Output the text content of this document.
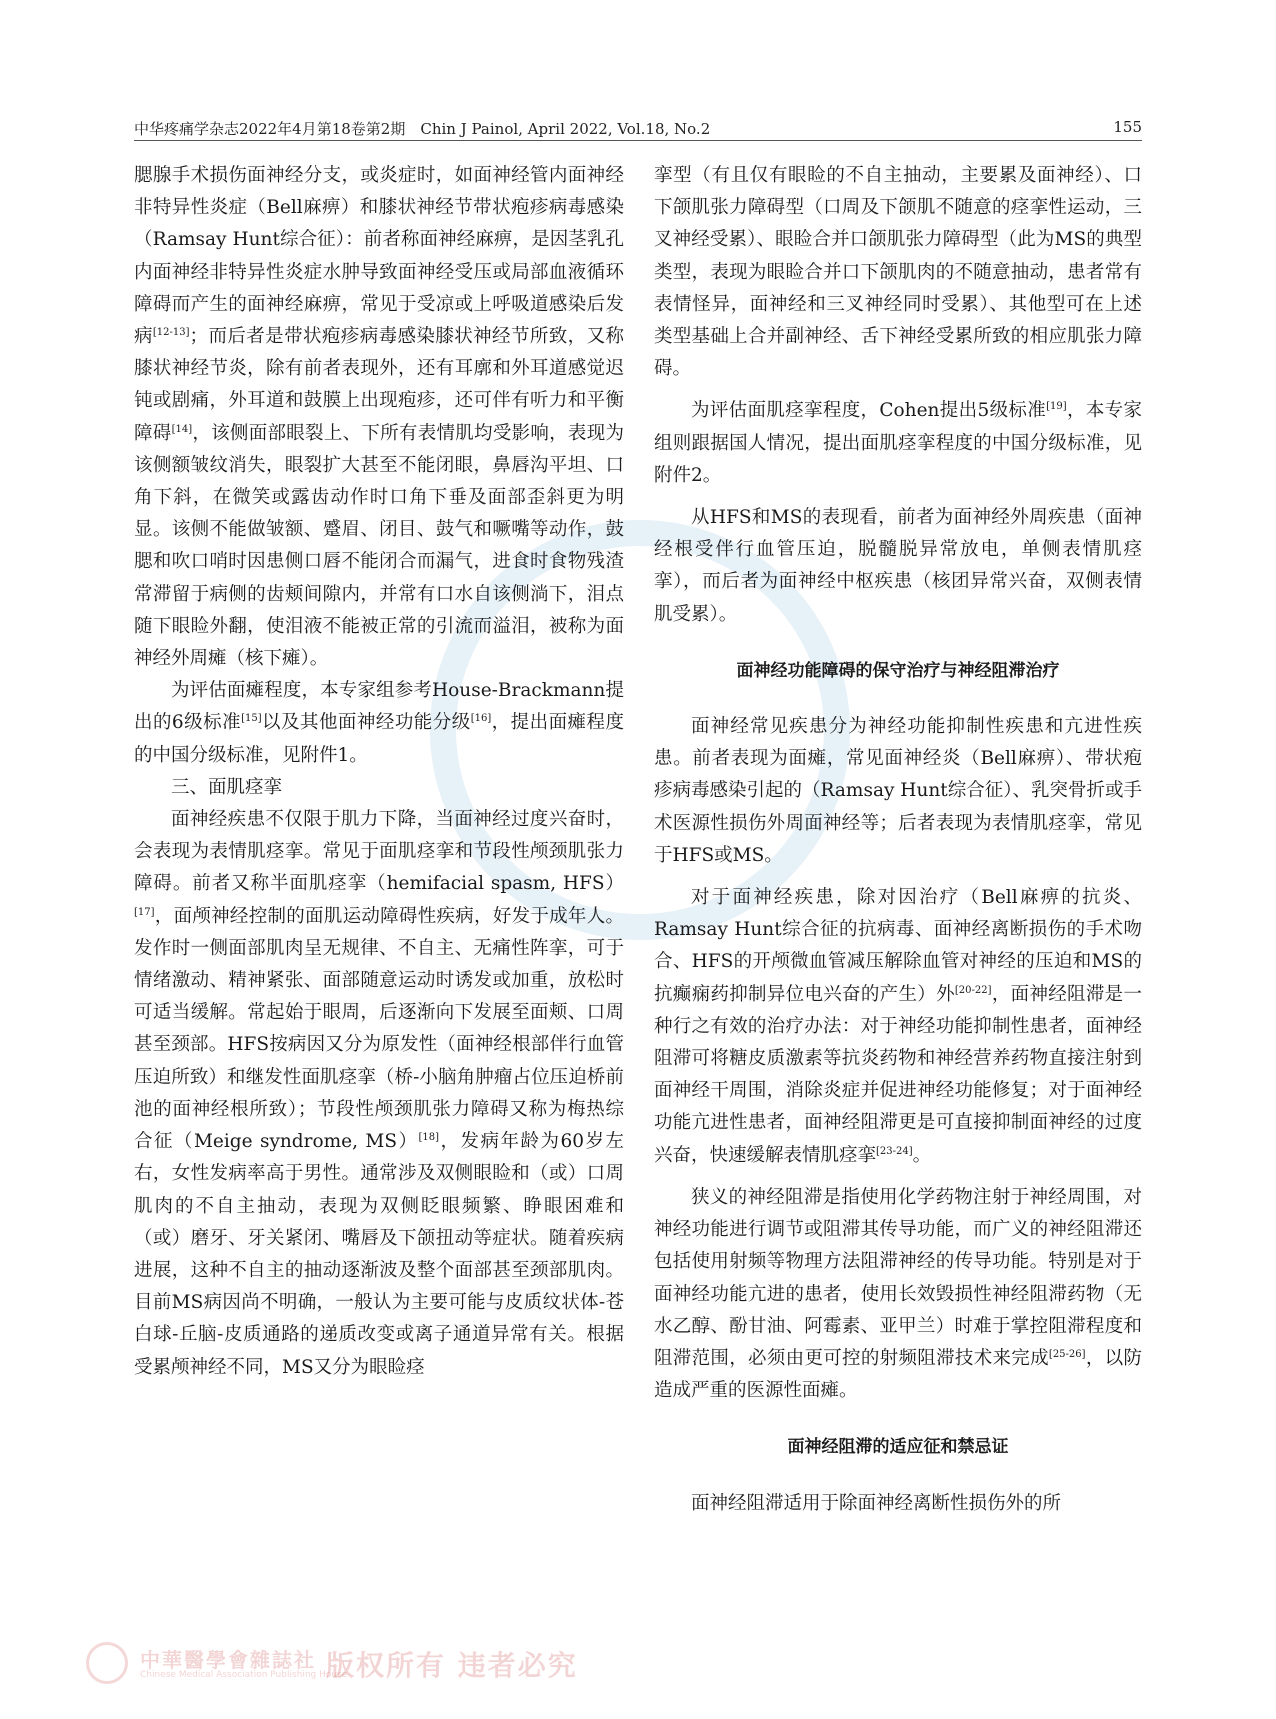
中华疼痛学杂志2022年4月第18卷第2期　Chin J Painol, April 2022, Vol.18, No.2	155

腮腺手术损伤面神经分支，或炎症时，如面神经管内面神经非特异性炎症（Bell麻痹）和膝状神经节带状疱疹病毒感染（Ramsay Hunt综合征）：前者称面神经麻痹，是因茎乳孔内面神经非特异性炎症水肿导致面神经受压或局部血液循环障碍而产生的面神经麻痹，常见于受凉或上呼吸道感染后发病[12-13]；而后者是带状疱疹病毒感染膝状神经节所致，又称膝状神经节炎，除有前者表现外，还有耳廓和外耳道感觉迟钝或剧痛，外耳道和鼓膜上出现疱疹，还可伴有听力和平衡障碍[14]，该侧面部眼裂上、下所有表情肌均受影响，表现为该侧额皱纹消失，眼裂扩大甚至不能闭眼，鼻唇沟平坦、口角下斜，在微笑或露齿动作时口角下垂及面部歪斜更为明显。该侧不能做皱额、蹙眉、闭目、鼓气和噘嘴等动作，鼓腮和吹口哨时因患侧口唇不能闭合而漏气，进食时食物残渣常滞留于病侧的齿颊间隙内，并常有口水自该侧淌下，泪点随下眼睑外翻，使泪液不能被正常的引流而溢泪，被称为面神经外周瘫（核下瘫）。

为评估面瘫程度，本专家组参考House-Brackmann提出的6级标准[15]以及其他面神经功能分级[16]，提出面瘫程度的中国分级标准，见附件1。

三、面肌痉挛

面神经疾患不仅限于肌力下降，当面神经过度兴奋时，会表现为表情肌痉挛。常见于面肌痉挛和节段性颅颈肌张力障碍。前者又称半面肌痉挛（hemifacial spasm, HFS）[17]，面颅神经控制的面肌运动障碍性疾病，好发于成年人。发作时一侧面部肌肉呈无规律、不自主、无痛性阵挛，可于情绪激动、精神紧张、面部随意运动时诱发或加重，放松时可适当缓解。常起始于眼周，后逐渐向下发展至面颊、口周甚至颈部。HFS按病因又分为原发性（面神经根部伴行血管压迫所致）和继发性面肌痉挛（桥-小脑角肿瘤占位压迫桥前池的面神经根所致）；节段性颅颈肌张力障碍又称为梅热综合征（Meige syndrome, MS）[18]，发病年龄为60岁左右，女性发病率高于男性。通常涉及双侧眼睑和（或）口周肌肉的不自主抽动，表现为双侧眨眼频繁、睁眼困难和（或）磨牙、牙关紧闭、嘴唇及下颌扭动等症状。随着疾病进展，这种不自主的抽动逐渐波及整个面部甚至颈部肌肉。目前MS病因尚不明确，一般认为主要可能与皮质纹状体-苍白球-丘脑-皮质通路的递质改变或离子通道异常有关。根据受累颅神经不同，MS又分为眼睑痉

挛型（有且仅有眼睑的不自主抽动，主要累及面神经）、口下颌肌张力障碍型（口周及下颌肌不随意的痉挛性运动，三叉神经受累）、眼睑合并口颌肌张力障碍型（此为MS的典型类型，表现为眼睑合并口下颌肌肉的不随意抽动，患者常有表情怪异，面神经和三叉神经同时受累）、其他型可在上述类型基础上合并副神经、舌下神经受累所致的相应肌张力障碍。

为评估面肌痉挛程度，Cohen提出5级标准[19]，本专家组则跟据国人情况，提出面肌痉挛程度的中国分级标准，见附件2。

从HFS和MS的表现看，前者为面神经外周疾患（面神经根受伴行血管压迫，脱髓脱异常放电，单侧表情肌痉挛），而后者为面神经中枢疾患（核团异常兴奋，双侧表情肌受累）。

面神经功能障碍的保守治疗与神经阻滞治疗

面神经常见疾患分为神经功能抑制性疾患和亢进性疾患。前者表现为面瘫，常见面神经炎（Bell麻痹）、带状疱疹病毒感染引起的（Ramsay Hunt综合征）、乳突骨折或手术医源性损伤外周面神经等；后者表现为表情肌痉挛，常见于HFS或MS。

对于面神经疾患，除对因治疗（Bell麻痹的抗炎、Ramsay Hunt综合征的抗病毒、面神经离断损伤的手术吻合、HFS的开颅微血管减压解除血管对神经的压迫和MS的抗癫痫药抑制异位电兴奋的产生）外[20-22]，面神经阻滞是一种行之有效的治疗办法：对于神经功能抑制性患者，面神经阻滞可将糖皮质激素等抗炎药物和神经营养药物直接注射到面神经干周围，消除炎症并促进神经功能修复；对于面神经功能亢进性患者，面神经阻滞更是可直接抑制面神经的过度兴奋，快速缓解表情肌痉挛[23-24]。

狭义的神经阻滞是指使用化学药物注射于神经周围，对神经功能进行调节或阻滞其传导功能，而广义的神经阻滞还包括使用射频等物理方法阻滞神经的传导功能。特别是对于面神经功能亢进的患者，使用长效毁损性神经阻滞药物（无水乙醇、酚甘油、阿霉素、亚甲兰）时难于掌控阻滞程度和阻滞范围，必须由更可控的射频阻滞技术来完成[25-26]，以防造成严重的医源性面瘫。

面神经阻滞的适应征和禁忌证

面神经阻滞适用于除面神经离断性损伤外的所

中華醫學會雜誌社
Chinese Medical Association Publishing House
版权所有 违者必究
